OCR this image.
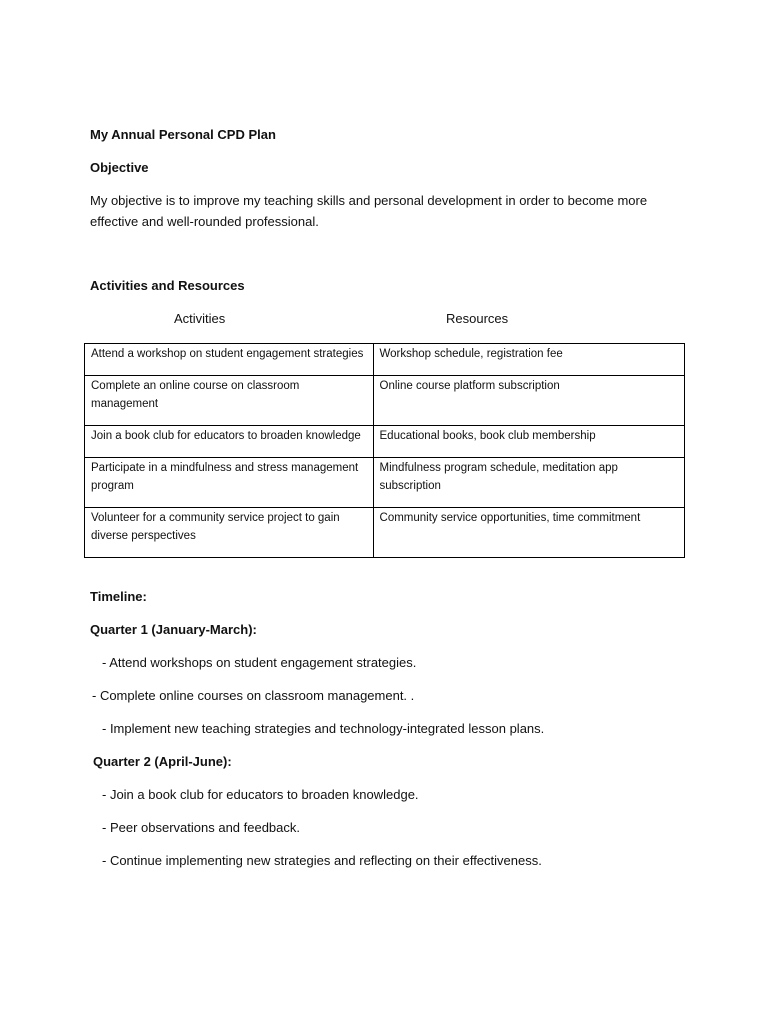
My Annual Personal CPD Plan
Objective
My objective is to improve my teaching skills and personal development in order to become more effective and well-rounded professional.
Activities and Resources
Activities	Resources
Attend a workshop on student engagement strategies	Workshop schedule, registration fee
Complete an online course on classroom management	Online course platform subscription
Join a book club for educators to broaden knowledge	Educational books, book club membership
Participate in a mindfulness and stress management program	Mindfulness program schedule, meditation app subscription
Volunteer for a community service project to gain diverse perspectives	Community service opportunities, time commitment
Timeline:
Quarter 1 (January-March):
- Attend workshops on student engagement strategies.
- Complete online courses on classroom management. .
- Implement new teaching strategies and technology-integrated lesson plans.
Quarter 2 (April-June):
- Join a book club for educators to broaden knowledge.
- Peer observations and feedback.
- Continue implementing new strategies and reflecting on their effectiveness.
